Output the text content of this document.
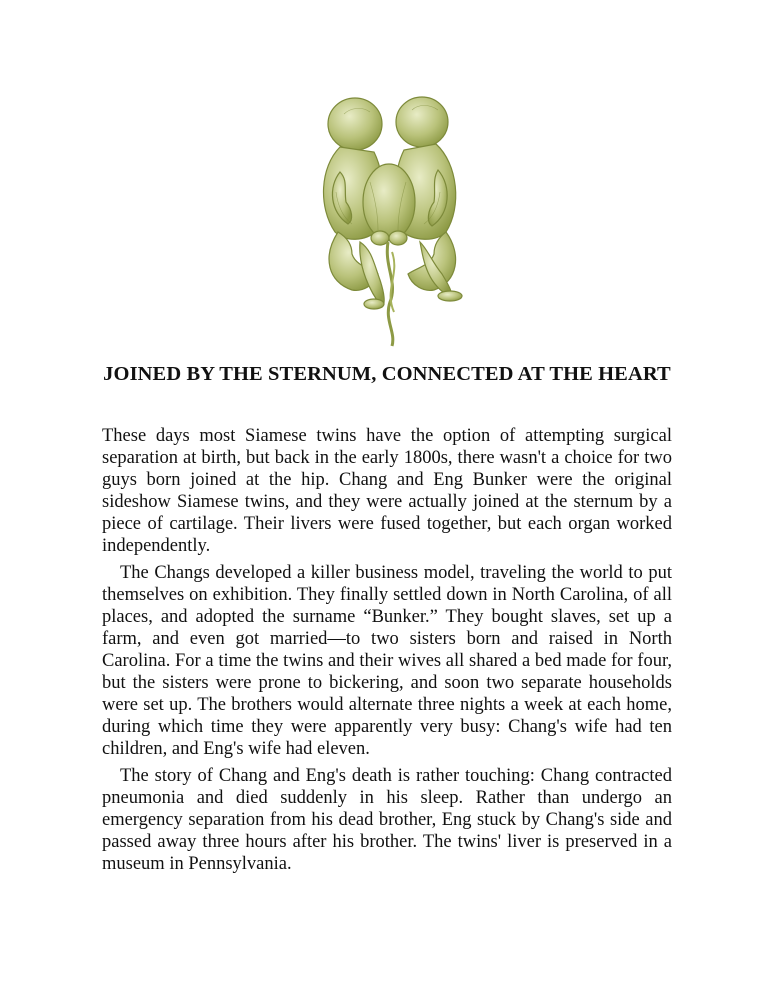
JOINED BY THE STERNUM, CONNECTED AT THE HEART

These days most Siamese twins have the option of attempting surgical separation at birth, but back in the early 1800s, there wasn't a choice for two guys born joined at the hip. Chang and Eng Bunker were the original sideshow Siamese twins, and they were actually joined at the sternum by a piece of cartilage. Their livers were fused together, but each organ worked independently.

The Changs developed a killer business model, traveling the world to put themselves on exhibition. They finally settled down in North Carolina, of all places, and adopted the surname “Bunker.” They bought slaves, set up a farm, and even got married—to two sisters born and raised in North Carolina. For a time the twins and their wives all shared a bed made for four, but the sisters were prone to bickering, and soon two separate households were set up. The brothers would alternate three nights a week at each home, during which time they were apparently very busy: Chang's wife had ten children, and Eng's wife had eleven.

The story of Chang and Eng's death is rather touching: Chang contracted pneumonia and died suddenly in his sleep. Rather than undergo an emergency separation from his dead brother, Eng stuck by Chang's side and passed away three hours after his brother. The twins' liver is preserved in a museum in Pennsylvania.
